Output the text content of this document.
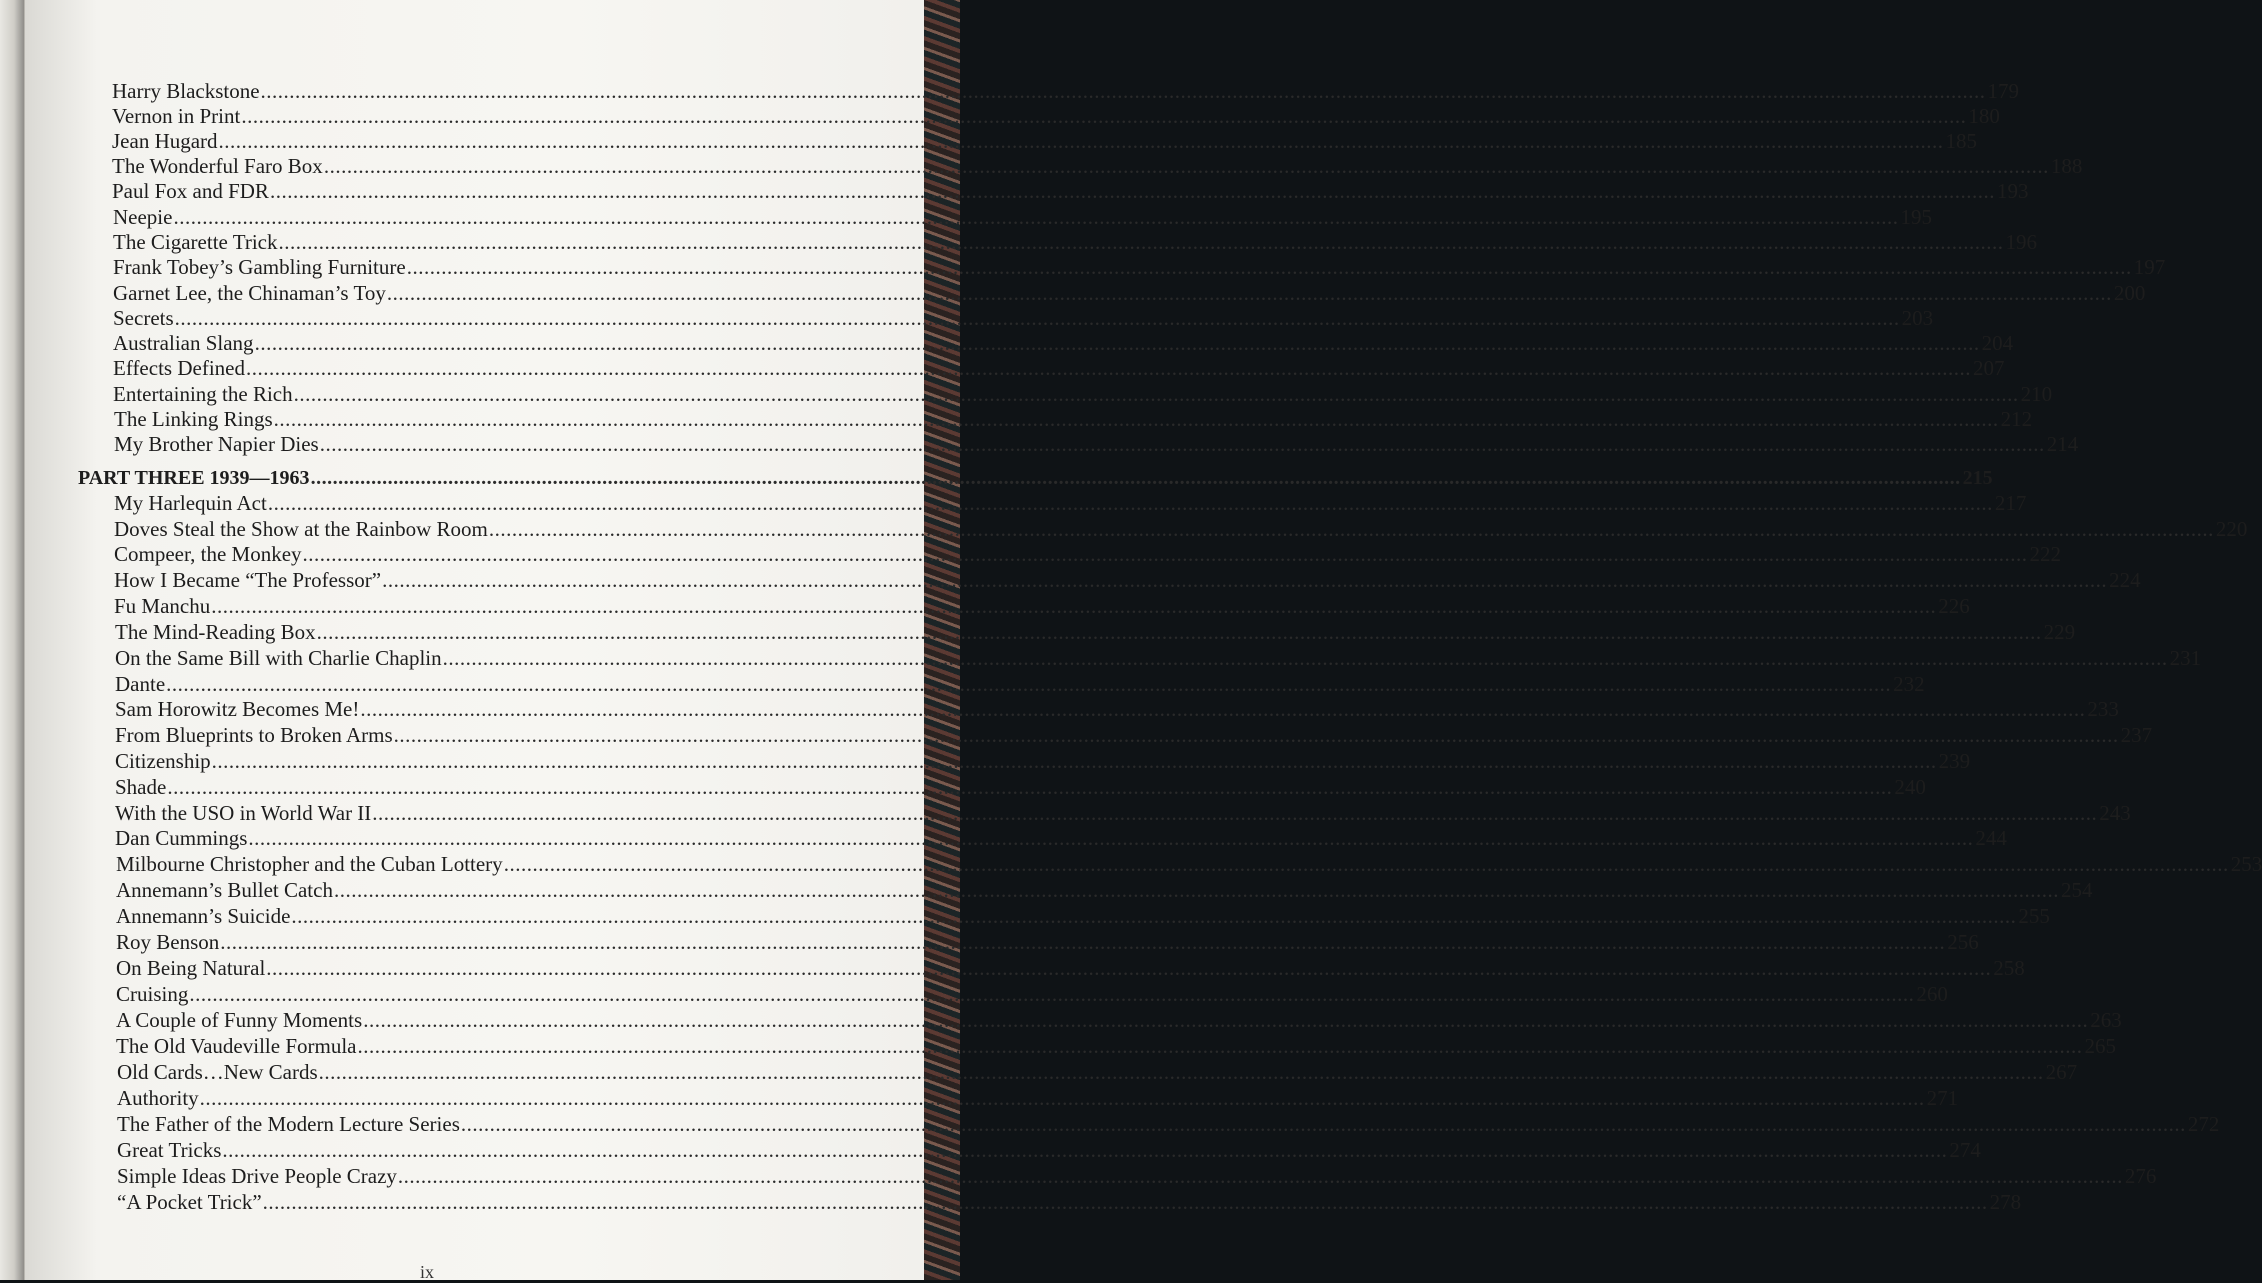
Harry Blackstone ............................................................................................................................................................................................................................................................................................................ 179
Vernon in Print ............................................................................................................................................................................................................................................................................................................ 180
Jean Hugard ............................................................................................................................................................................................................................................................................................................ 185
The Wonderful Faro Box ............................................................................................................................................................................................................................................................................................................ 188
Paul Fox and FDR ............................................................................................................................................................................................................................................................................................................ 193
Neepie ............................................................................................................................................................................................................................................................................................................ 195
The Cigarette Trick ............................................................................................................................................................................................................................................................................................................ 196
Frank Tobey’s Gambling Furniture ............................................................................................................................................................................................................................................................................................................ 197
Garnet Lee, the Chinaman’s Toy ............................................................................................................................................................................................................................................................................................................ 200
Secrets ............................................................................................................................................................................................................................................................................................................ 203
Australian Slang ............................................................................................................................................................................................................................................................................................................ 204
Effects Defined ............................................................................................................................................................................................................................................................................................................ 207
Entertaining the Rich ............................................................................................................................................................................................................................................................................................................ 210
The Linking Rings ............................................................................................................................................................................................................................................................................................................ 212
My Brother Napier Dies ............................................................................................................................................................................................................................................................................................................ 214
PART THREE 1939—1963 ............................................................................................................................................................................................................................................................................................................ 215
My Harlequin Act ............................................................................................................................................................................................................................................................................................................ 217
Doves Steal the Show at the Rainbow Room ............................................................................................................................................................................................................................................................................................................ 220
Compeer, the Monkey ............................................................................................................................................................................................................................................................................................................ 222
How I Became “The Professor” ............................................................................................................................................................................................................................................................................................................ 224
Fu Manchu ............................................................................................................................................................................................................................................................................................................ 226
The Mind-Reading Box ............................................................................................................................................................................................................................................................................................................ 229
On the Same Bill with Charlie Chaplin ............................................................................................................................................................................................................................................................................................................ 231
Dante ............................................................................................................................................................................................................................................................................................................ 232
Sam Horowitz Becomes Me! ............................................................................................................................................................................................................................................................................................................ 233
From Blueprints to Broken Arms ............................................................................................................................................................................................................................................................................................................ 237
Citizenship ............................................................................................................................................................................................................................................................................................................ 239
Shade ............................................................................................................................................................................................................................................................................................................ 240
With the USO in World War II ............................................................................................................................................................................................................................................................................................................ 243
Dan Cummings ............................................................................................................................................................................................................................................................................................................ 244
Milbourne Christopher and the Cuban Lottery ............................................................................................................................................................................................................................................................................................................ 253
Annemann’s Bullet Catch ............................................................................................................................................................................................................................................................................................................ 254
Annemann’s Suicide ............................................................................................................................................................................................................................................................................................................ 255
Roy Benson ............................................................................................................................................................................................................................................................................................................ 256
On Being Natural ............................................................................................................................................................................................................................................................................................................ 258
Cruising ............................................................................................................................................................................................................................................................................................................ 260
A Couple of Funny Moments ............................................................................................................................................................................................................................................................................................................ 263
The Old Vaudeville Formula ............................................................................................................................................................................................................................................................................................................ 265
Old Cards…New Cards ............................................................................................................................................................................................................................................................................................................ 267
Authority ............................................................................................................................................................................................................................................................................................................ 271
The Father of the Modern Lecture Series ............................................................................................................................................................................................................................................................................................................ 272
Great Tricks ............................................................................................................................................................................................................................................................................................................ 274
Simple Ideas Drive People Crazy ............................................................................................................................................................................................................................................................................................................ 276
“A Pocket Trick” ............................................................................................................................................................................................................................................................................................................ 278
ix
